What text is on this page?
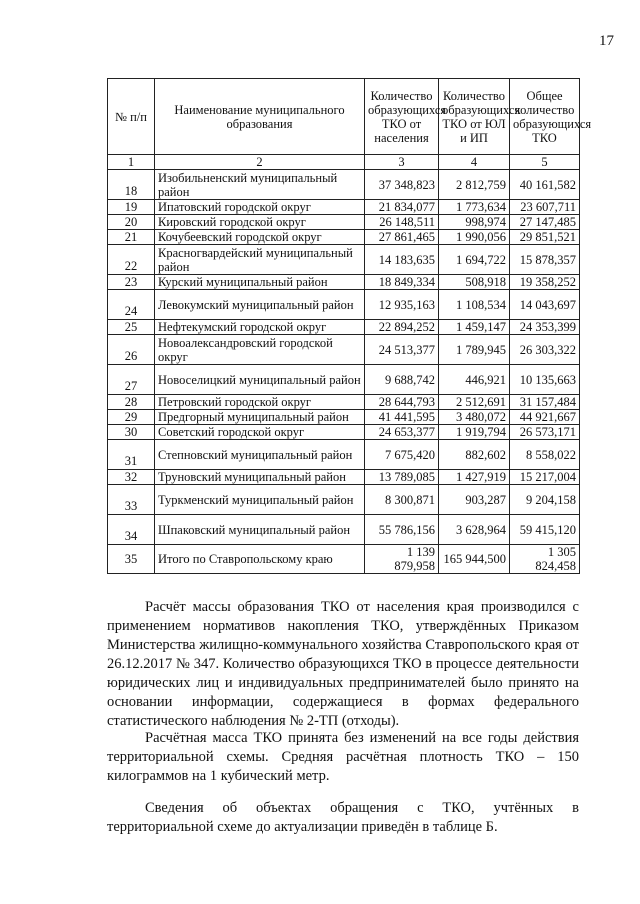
17
№ п/п	Наименование муниципального образования	Количество образующихся ТКО от населения	Количество образующихся ТКО от ЮЛ и ИП	Общее количество образующихся ТКО
1	2	3	4	5
18	Изобильненский муниципальный район	37 348,823	2 812,759	40 161,582
19	Ипатовский городской округ	21 834,077	1 773,634	23 607,711
20	Кировский городской округ	26 148,511	998,974	27 147,485
21	Кочубеевский городской округ	27 861,465	1 990,056	29 851,521
22	Красногвардейский муниципальный район	14 183,635	1 694,722	15 878,357
23	Курский муниципальный район	18 849,334	508,918	19 358,252
24	Левокумский муниципальный район	12 935,163	1 108,534	14 043,697
25	Нефтекумский городской округ	22 894,252	1 459,147	24 353,399
26	Новоалександровский городской округ	24 513,377	1 789,945	26 303,322
27	Новоселицкий муниципальный район	9 688,742	446,921	10 135,663
28	Петровский городской округ	28 644,793	2 512,691	31 157,484
29	Предгорный муниципальный район	41 441,595	3 480,072	44 921,667
30	Советский городской округ	24 653,377	1 919,794	26 573,171
31	Степновский муниципальный район	7 675,420	882,602	8 558,022
32	Труновский муниципальный район	13 789,085	1 427,919	15 217,004
33	Туркменский муниципальный район	8 300,871	903,287	9 204,158
34	Шпаковский муниципальный район	55 786,156	3 628,964	59 415,120
35	Итого по Ставропольскому краю	1 139 879,958	165 944,500	1 305 824,458

Расчёт массы образования ТКО от населения края производился с применением нормативов накопления ТКО, утверждённых Приказом Министерства жилищно-коммунального хозяйства Ставропольского края от 26.12.2017 № 347. Количество образующихся ТКО в процессе деятельности юридических лиц и индивидуальных предпринимателей было принято на основании информации, содержащиеся в формах федерального статистического наблюдения № 2-ТП (отходы).

Расчётная масса ТКО принята без изменений на все годы действия территориальной схемы. Средняя расчётная плотность ТКО – 150 килограммов на 1 кубический метр.

Сведения об объектах обращения с ТКО, учтённых в территориальной схеме до актуализации приведён в таблице Б.
